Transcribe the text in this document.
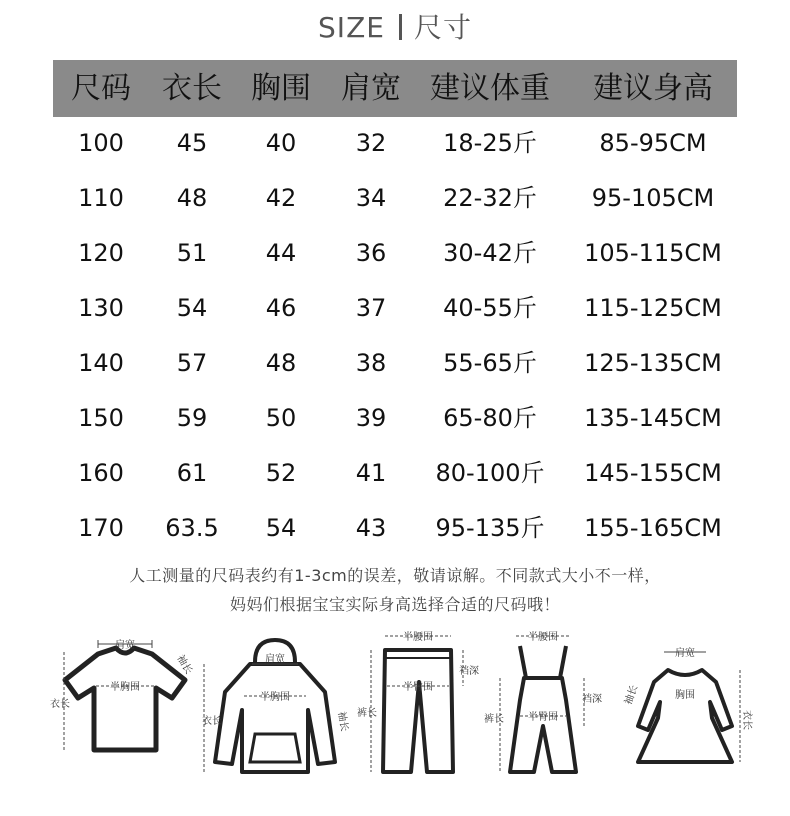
SIZE 尺寸
尺码 衣长 胸围 肩宽 建议体重 建议身高
100 45 40 32 18-25斤	85-95CM
110 48 42 34 22-32斤 95-105CM
120 51 44 36 30-42斤 105-115CM
130 54 46 37 40-55斤 115-125CM
140 57 48 38 55-65斤 125-135CM
150 59 50 39 65-80斤 135-145CM
160 61 52 41 80-100斤 145-155CM
170 63.5 54 43 95-135斤 155-165CM
人工测量的尺码表约有1-3cm的误差，敬请谅解。不同款式大小不一样，
妈妈们根据宝宝实际身高选择合适的尺码哦！
肩宽
半胸围
衣长
袖长	肩宽
半胸围
衣长	袖长
半腰围
半臀围
裆深
裤长
半腰围
半臀围
裆深
裤长
肩宽
胸围
衣长
袖长
